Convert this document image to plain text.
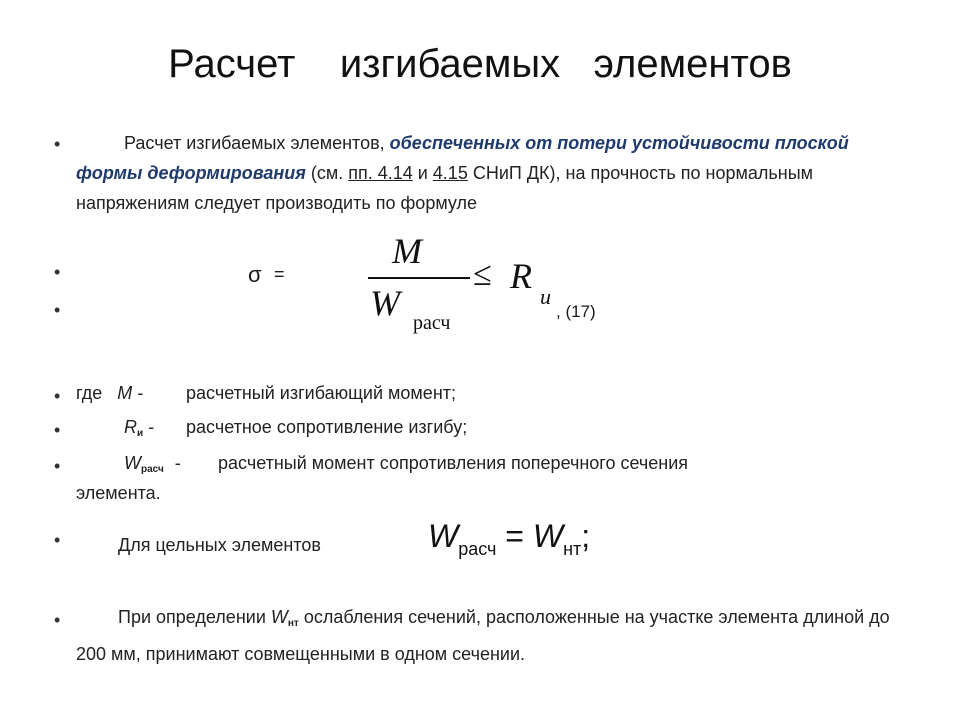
Расчет    изгибаемых   элементов
•	Расчет изгибаемых элементов, обеспеченных от потери устойчивости плоской формы деформирования (см. пп. 4.14 и 4.15 СНиП ДК), на прочность по нормальным напряжениям следует производить по формуле
•
•
σ =
M
W расч
≤ R
u
, (17)
• где M - расчетный изгибающий момент;
•	$R_и$ - расчетное сопротивление изгибу;
•	$W_{расч}$ - расчетный момент сопротивления поперечного сечения
элемента.
•	Для цельных элементов	$W_{расч} = W_{нт}$;
•	При определении $W_{нт}$ ослабления сечений, расположенные на участке элемента длиной до 200 мм, принимают совмещенными в одном сечении.
